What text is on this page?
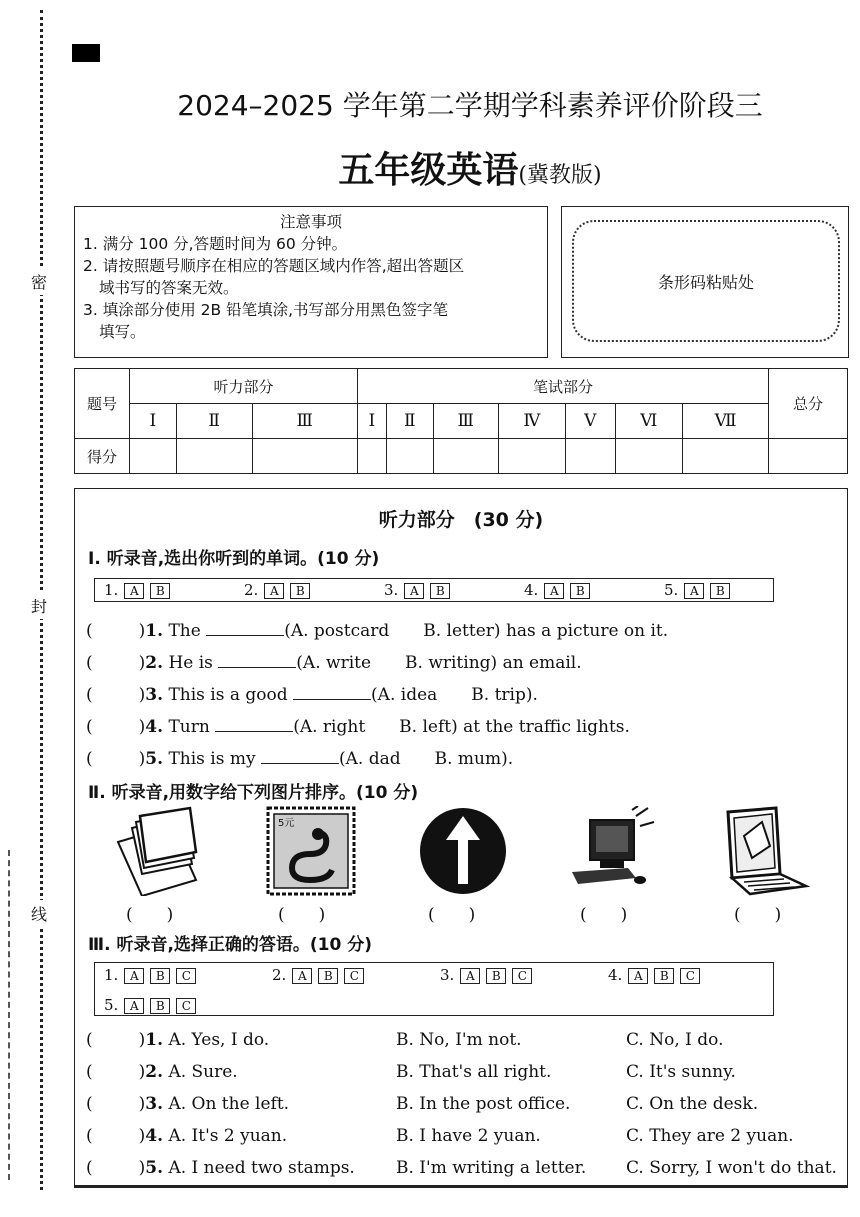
密
封
线
2024–2025 学年第二学期学科素养评价阶段三
五年级英语(冀教版)
注意事项
1. 满分 100 分,答题时间为 60 分钟。
2. 请按照题号顺序在相应的答题区域内作答,超出答题区
域书写的答案无效。
3. 填涂部分使用 2B 铅笔填涂,书写部分用黑色签字笔
填写。
条形码粘贴处
题号	听力部分			笔试部分							总分
	Ⅰ	Ⅱ	Ⅲ	Ⅰ	Ⅱ	Ⅲ	Ⅳ	Ⅴ	Ⅵ	Ⅶ	
得分											
听力部分　(30 分)
Ⅰ. 听录音,选出你听到的单词。(10 分)
1. A B	2. A B	3. A B	4. A B	5. A B
(	)1. The	(A. postcard　　B. letter) has a picture on it.
(	)2. He is	(A. write　　B. writing) an email.
(	)3. This is a good	(A. idea　　B. trip).
(	)4. Turn	(A. right　　B. left) at the traffic lights.
(	)5. This is my	(A. dad　　B. mum).
Ⅱ. 听录音,用数字给下列图片排序。(10 分)
5元
(　　)	(　　)	(　　)	(　　)	(　　)
Ⅲ. 听录音,选择正确的答语。(10 分)
1. A B C	2. A B C	3. A B C	4. A B C
5. A B C
(	)1. A. Yes, I do.	B. No, I'm not.	C. No, I do.
(	)2. A. Sure.	B. That's all right.	C. It's sunny.
(	)3. A. On the left.	B. In the post office.	C. On the desk.
(	)4. A. It's 2 yuan.	B. I have 2 yuan.	C. They are 2 yuan.
(	)5. A. I need two stamps. B. I'm writing a letter. C. Sorry, I won't do that.
